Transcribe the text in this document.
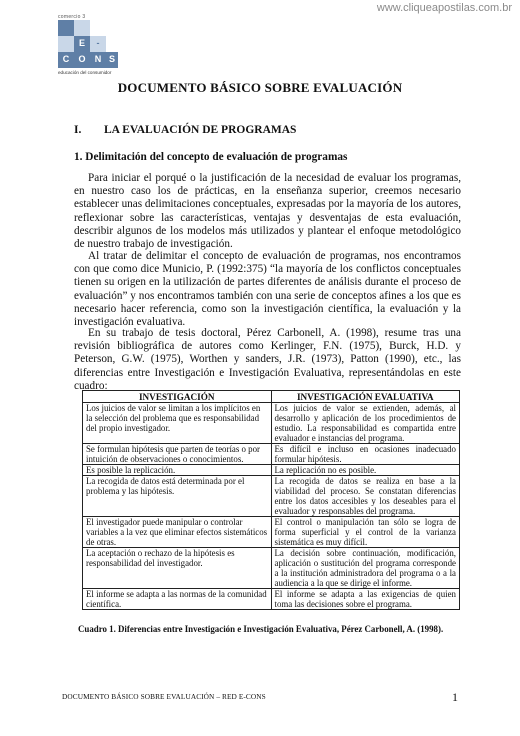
www.cliqueapostilas.com.br
comercio 3
E	-
C	O	N S
educación del consumidor
DOCUMENTO BÁSICO SOBRE EVALUACIÓN
I. LA EVALUACIÓN DE PROGRAMAS
1. Delimitación del concepto de evaluación de programas

Para iniciar el porqué o la justificación de la necesidad de evaluar los programas, en nuestro caso los de prácticas, en la enseñanza superior, creemos necesario establecer unas delimitaciones conceptuales, expresadas por la mayoría de los autores, reflexionar sobre las características, ventajas y desventajas de esta evaluación, describir algunos de los modelos más utilizados y plantear el enfoque metodológico de nuestro trabajo de investigación.

Al tratar de delimitar el concepto de evaluación de programas, nos encontramos con que como dice Municio, P. (1992:375) “la mayoría de los conflictos conceptuales tienen su origen en la utilización de partes diferentes de análisis durante el proceso de evaluación” y nos encontramos también con una serie de conceptos afines a los que es necesario hacer referencia, como son la investigación científica, la evaluación y la investigación evaluativa.

En su trabajo de tesis doctoral, Pérez Carbonell, A. (1998), resume tras una revisión bibliográfica de autores como Kerlinger, F.N. (1975), Burck, H.D. y Peterson, G.W. (1975), Worthen y sanders, J.R. (1973), Patton (1990), etc., las diferencias entre Investigación e Investigación Evaluativa, representándolas en este cuadro:

INVESTIGACIÓN	INVESTIGACIÓN EVALUATIVA
Los juicios de valor se limitan a los implícitos en la selección del problema que es responsabilidad del propio investigador.	Los juicios de valor se extienden, además, al desarrollo y aplicación de los procedimientos de estudio. La responsabilidad es compartida entre evaluador e instancias del programa.
Se formulan hipótesis que parten de teorías o por intuición de observaciones o conocimientos.	Es difícil e incluso en ocasiones inadecuado formular hipótesis.
Es posible la replicación.	La replicación no es posible.
La recogida de datos está determinada por el problema y las hipótesis.	La recogida de datos se realiza en base a la viabilidad del proceso. Se constatan diferencias entre los datos accesibles y los deseables para el evaluador y responsables del programa.
El investigador puede manipular o controlar variables a la vez que eliminar efectos sistemáticos de otras.	El control o manipulación tan sólo se logra de forma superficial y el control de la varianza sistemática es muy difícil.
La aceptación o rechazo de la hipótesis es responsabilidad del investigador.	La decisión sobre continuación, modificación, aplicación o sustitución del programa corresponde a la institución administradora del programa o a la audiencia a la que se dirige el informe.
El informe se adapta a las normas de la comunidad científica.	El informe se adapta a las exigencias de quien toma las decisiones sobre el programa.
Cuadro 1. Diferencias entre Investigación e Investigación Evaluativa, Pérez Carbonell, A. (1998).
DOCUMENTO BÁSICO SOBRE EVALUACIÓN – RED E-CONS	1
